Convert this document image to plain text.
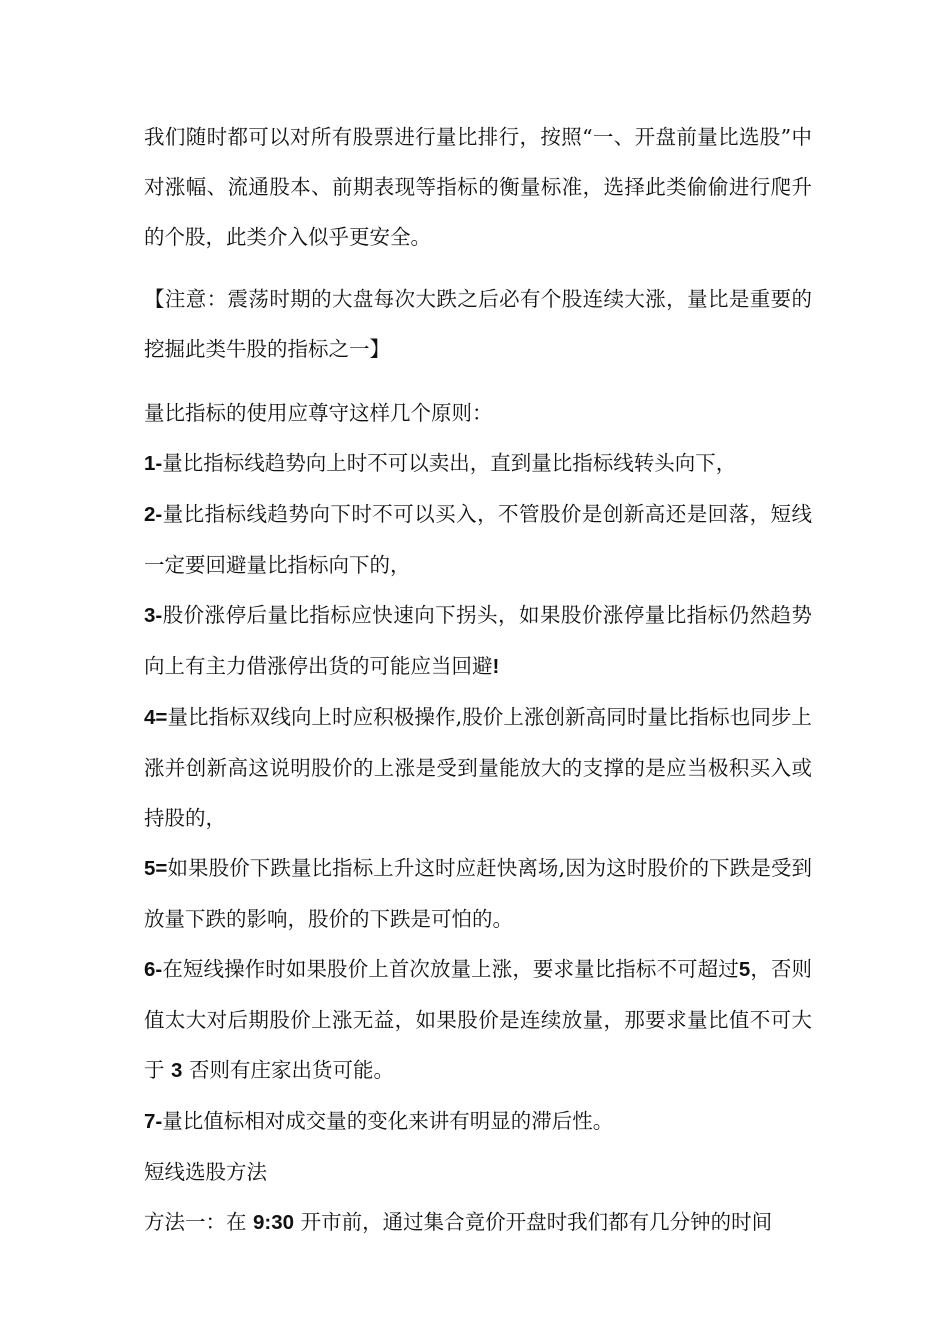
我们随时都可以对所有股票进行量比排行，按照“一、开盘前量比选股”中对涨幅、流通股本、前期表现等指标的衡量标准，选择此类偷偷进行爬升的个股，此类介入似乎更安全。

【注意：震荡时期的大盘每次大跌之后必有个股连续大涨，量比是重要的挖掘此类牛股的指标之一】

量比指标的使用应尊守这样几个原则：

1-量比指标线趋势向上时不可以卖出，直到量比指标线转头向下，

2-量比指标线趋势向下时不可以买入，不管股价是创新高还是回落，短线一定要回避量比指标向下的，

3-股价涨停后量比指标应快速向下拐头，如果股价涨停量比指标仍然趋势向上有主力借涨停出货的可能应当回避!

4=量比指标双线向上时应积极操作,股价上涨创新高同时量比指标也同步上涨并创新高这说明股价的上涨是受到量能放大的支撑的是应当极积买入或持股的，

5=如果股价下跌量比指标上升这时应赶快离场,因为这时股价的下跌是受到放量下跌的影响，股价的下跌是可怕的。

6-在短线操作时如果股价上首次放量上涨，要求量比指标不可超过5，否则值太大对后期股价上涨无益，如果股价是连续放量，那要求量比值不可大于 3 否则有庄家出货可能。

7-量比值标相对成交量的变化来讲有明显的滞后性。

短线选股方法

方法一：在 9:30 开市前，通过集合竟价开盘时我们都有几分钟的时间
